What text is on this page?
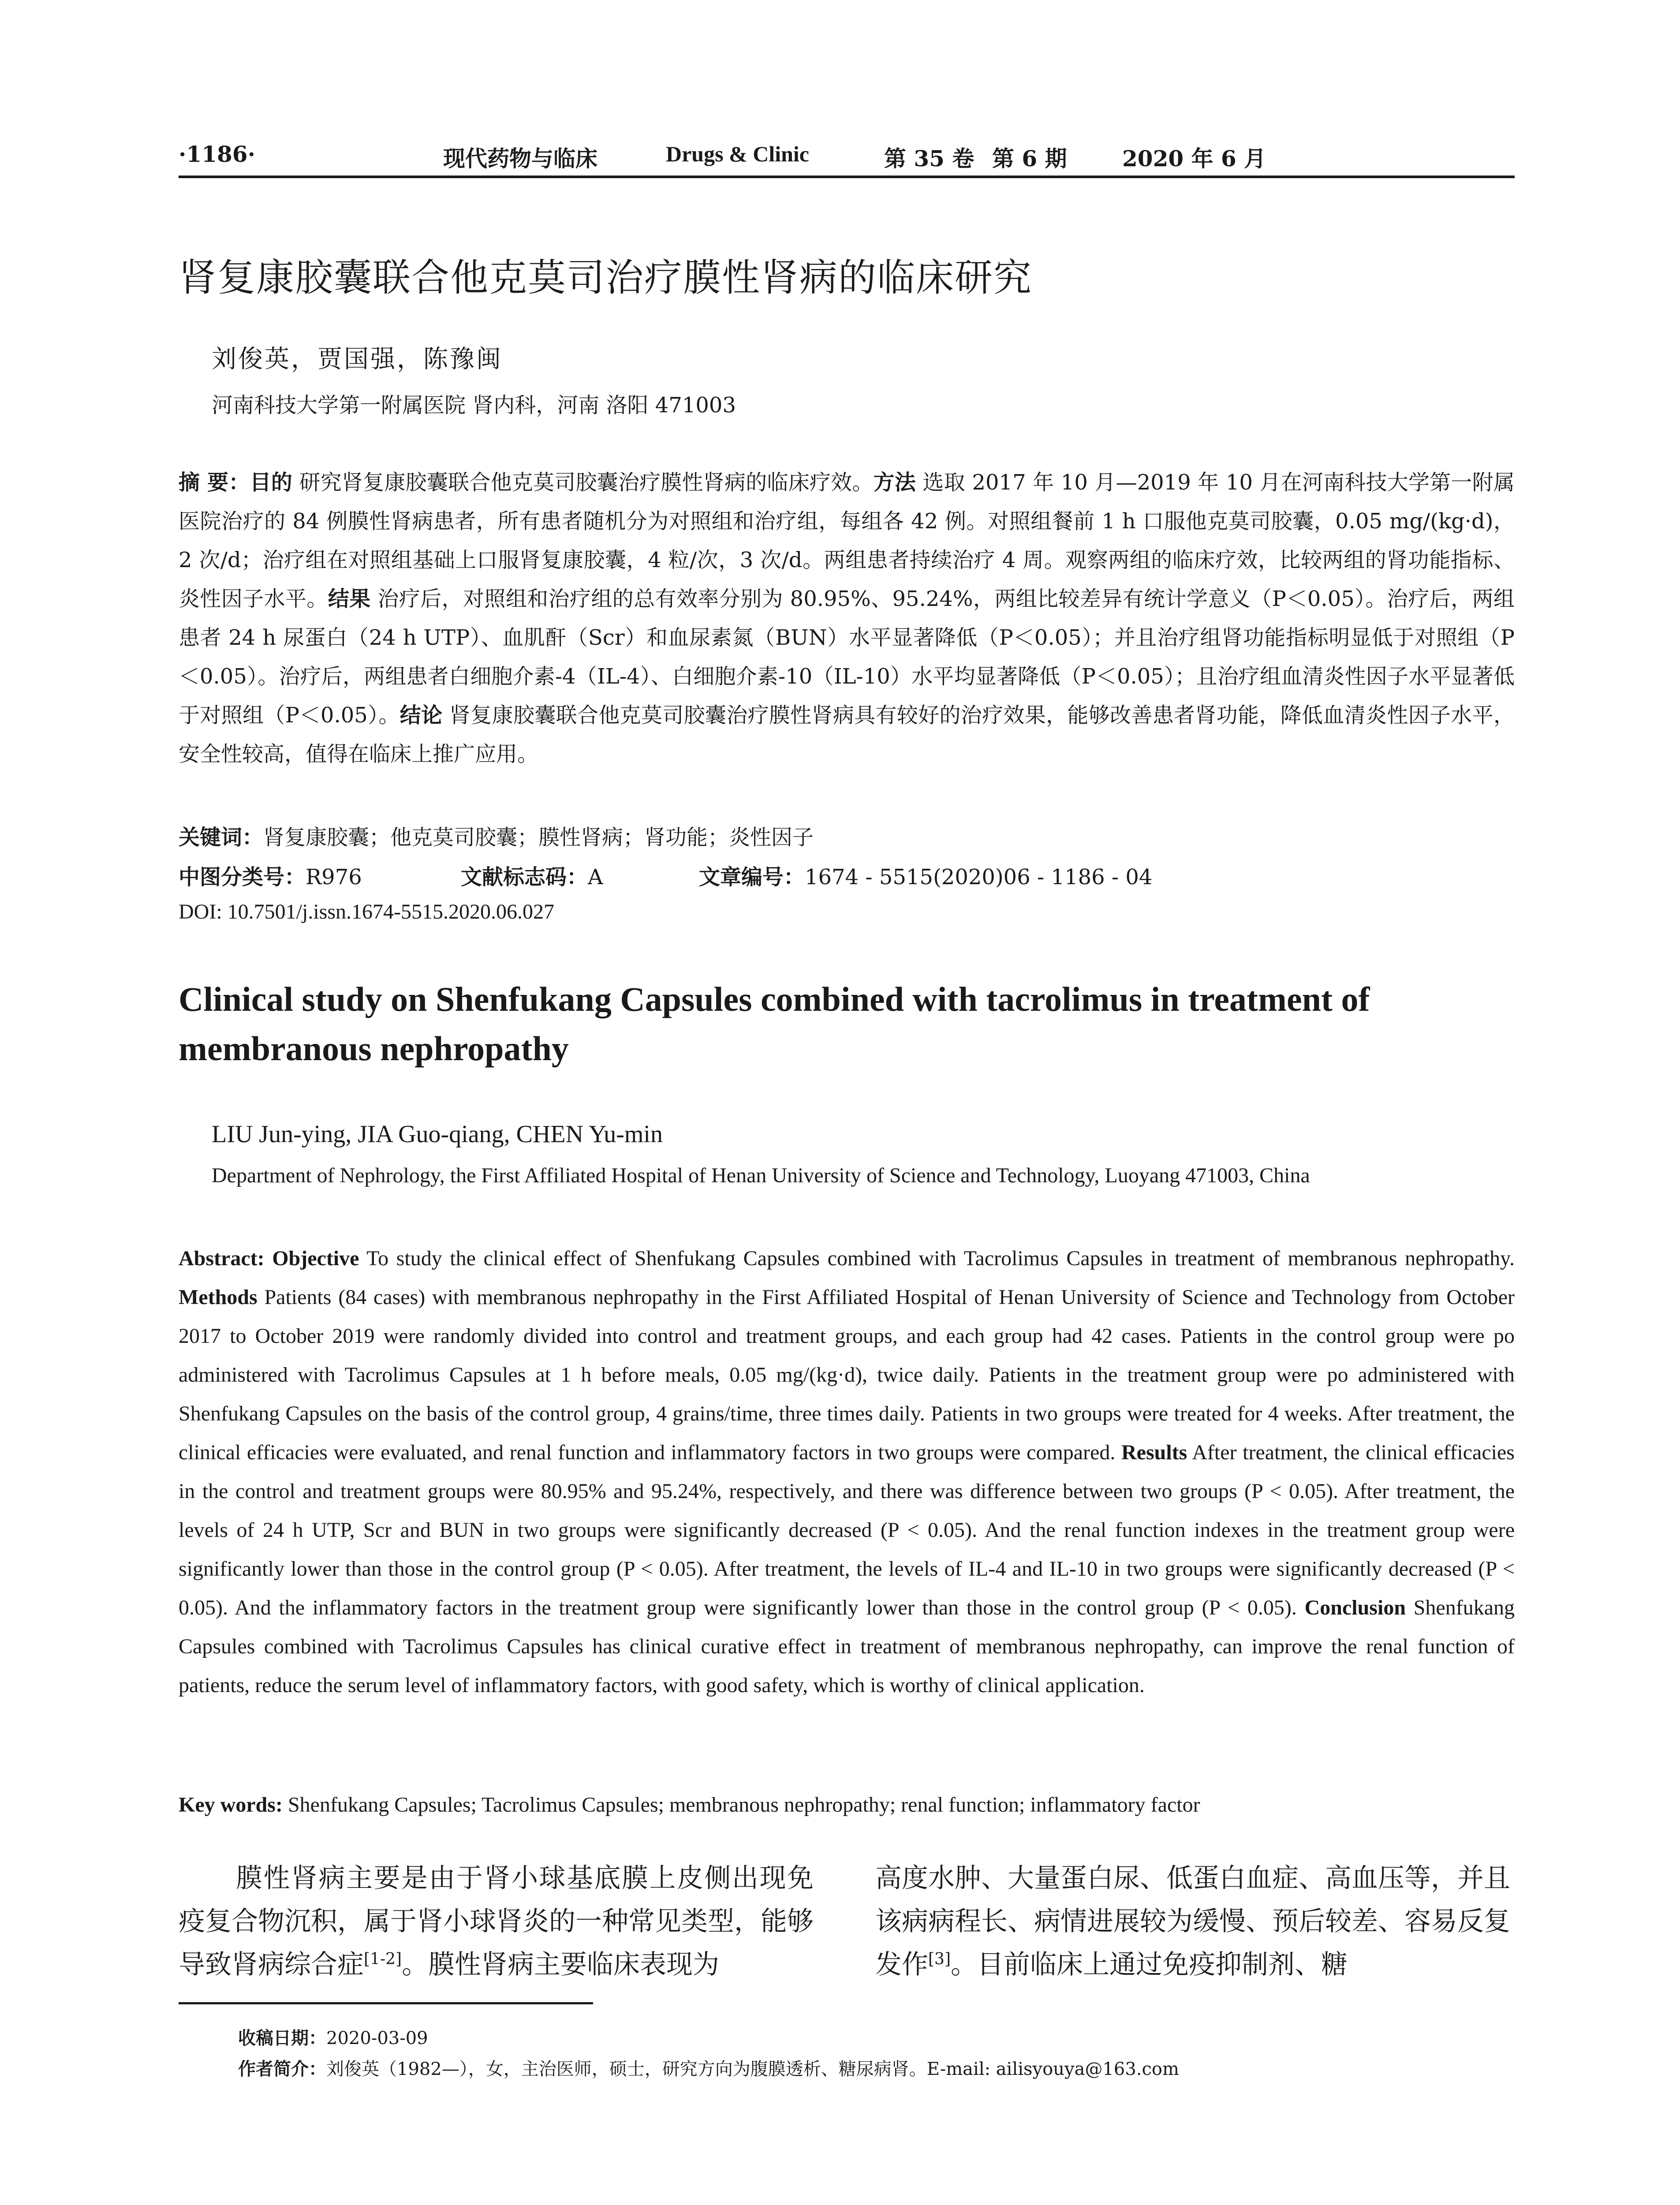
·1186·	现代药物与临床	Drugs & Clinic	第 35 卷 第 6 期	2020 年 6 月
肾复康胶囊联合他克莫司治疗膜性肾病的临床研究
刘俊英，贾国强，陈豫闽
河南科技大学第一附属医院 肾内科，河南 洛阳 471003
摘 要：目的 研究肾复康胶囊联合他克莫司胶囊治疗膜性肾病的临床疗效。方法 选取 2017 年 10 月—2019 年 10 月在河南科技大学第一附属医院治疗的 84 例膜性肾病患者，所有患者随机分为对照组和治疗组，每组各 42 例。对照组餐前 1 h 口服他克莫司胶囊，0.05 mg/(kg·d)，2 次/d；治疗组在对照组基础上口服肾复康胶囊，4 粒/次，3 次/d。两组患者持续治疗 4 周。观察两组的临床疗效，比较两组的肾功能指标、炎性因子水平。结果 治疗后，对照组和治疗组的总有效率分别为 80.95%、95.24%，两组比较差异有统计学意义（P＜0.05）。治疗后，两组患者 24 h 尿蛋白（24 h UTP）、血肌酐（Scr）和血尿素氮（BUN）水平显著降低（P＜0.05）；并且治疗组肾功能指标明显低于对照组（P＜0.05）。治疗后，两组患者白细胞介素-4（IL-4）、白细胞介素-10（IL-10）水平均显著降低（P＜0.05）；且治疗组血清炎性因子水平显著低于对照组（P＜0.05）。结论 肾复康胶囊联合他克莫司胶囊治疗膜性肾病具有较好的治疗效果，能够改善患者肾功能，降低血清炎性因子水平，安全性较高，值得在临床上推广应用。
关键词：肾复康胶囊；他克莫司胶囊；膜性肾病；肾功能；炎性因子
中图分类号：R976	文献标志码：A	文章编号：1674 - 5515(2020)06 - 1186 - 04
DOI: 10.7501/j.issn.1674-5515.2020.06.027
Clinical study on Shenfukang Capsules combined with tacrolimus in treatment of membranous nephropathy
LIU Jun-ying, JIA Guo-qiang, CHEN Yu-min
Department of Nephrology, the First Affiliated Hospital of Henan University of Science and Technology, Luoyang 471003, China
Abstract: Objective To study the clinical effect of Shenfukang Capsules combined with Tacrolimus Capsules in treatment of membranous nephropathy. Methods Patients (84 cases) with membranous nephropathy in the First Affiliated Hospital of Henan University of Science and Technology from October 2017 to October 2019 were randomly divided into control and treatment groups, and each group had 42 cases. Patients in the control group were po administered with Tacrolimus Capsules at 1 h before meals, 0.05 mg/(kg·d), twice daily. Patients in the treatment group were po administered with Shenfukang Capsules on the basis of the control group, 4 grains/time, three times daily. Patients in two groups were treated for 4 weeks. After treatment, the clinical efficacies were evaluated, and renal function and inflammatory factors in two groups were compared. Results After treatment, the clinical efficacies in the control and treatment groups were 80.95% and 95.24%, respectively, and there was difference between two groups (P < 0.05). After treatment, the levels of 24 h UTP, Scr and BUN in two groups were significantly decreased (P < 0.05). And the renal function indexes in the treatment group were significantly lower than those in the control group (P < 0.05). After treatment, the levels of IL-4 and IL-10 in two groups were significantly decreased (P < 0.05). And the inflammatory factors in the treatment group were significantly lower than those in the control group (P < 0.05). Conclusion Shenfukang Capsules combined with Tacrolimus Capsules has clinical curative effect in treatment of membranous nephropathy, can improve the renal function of patients, reduce the serum level of inflammatory factors, with good safety, which is worthy of clinical application.
Key words: Shenfukang Capsules; Tacrolimus Capsules; membranous nephropathy; renal function; inflammatory factor
膜性肾病主要是由于肾小球基底膜上皮侧出现免疫复合物沉积，属于肾小球肾炎的一种常见类型，能够导致肾病综合症[1-2]。膜性肾病主要临床表现为
高度水肿、大量蛋白尿、低蛋白血症、高血压等，并且该病病程长、病情进展较为缓慢、预后较差、容易反复发作[3]。目前临床上通过免疫抑制剂、糖
收稿日期：2020-03-09
作者简介：刘俊英（1982—），女，主治医师，硕士，研究方向为腹膜透析、糖尿病肾。E-mail: ailisyouya@163.com
